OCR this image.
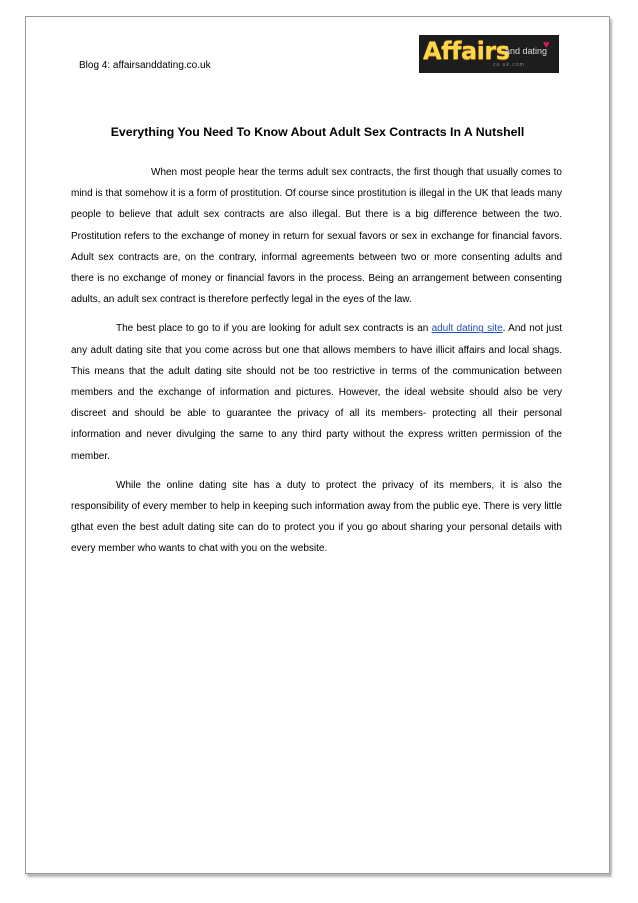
Blog 4: affairsanddating.co.uk
Affairs
and dating
co.uk.com
♥
Everything You Need To Know About Adult Sex Contracts In A Nutshell

When most people hear the terms adult sex contracts, the first though that usually comes to mind is that somehow it is a form of prostitution. Of course since prostitution is illegal in the UK that leads many people to believe that adult sex contracts are also illegal. But there is a big difference between the two. Prostitution refers to the exchange of money in return for sexual favors or sex in exchange for financial favors. Adult sex contracts are, on the contrary, informal agreements between two or more consenting adults and there is no exchange of money or financial favors in the process. Being an arrangement between consenting adults, an adult sex contract is therefore perfectly legal in the eyes of the law.

The best place to go to if you are looking for adult sex contracts is an adult dating site. And not just any adult dating site that you come across but one that allows members to have illicit affairs and local shags. This means that the adult dating site should not be too restrictive in terms of the communication between members and the exchange of information and pictures. However, the ideal website should also be very discreet and should be able to guarantee the privacy of all its members- protecting all their personal information and never divulging the same to any third party without the express written permission of the member.

While the online dating site has a duty to protect the privacy of its members, it is also the responsibility of every member to help in keeping such information away from the public eye. There is very little gthat even the best adult dating site can do to protect you if you go about sharing your personal details with every member who wants to chat with you on the website.
